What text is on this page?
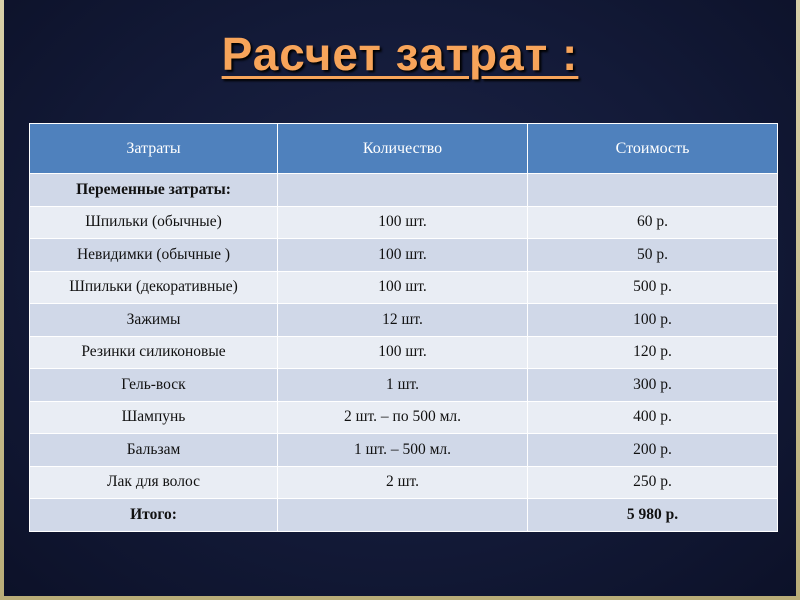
Расчет затрат :
Затраты	Количество	Стоимость
Переменные затраты:		
Шпильки (обычные)	100 шт.	60 р.
Невидимки (обычные )	100 шт.	50 р.
Шпильки (декоративные)	100 шт.	500 р.
Зажимы	12 шт.	100 р.
Резинки силиконовые	100 шт.	120 р.
Гель-воск	1 шт.	300 р.
Шампунь	2 шт. – по 500 мл.	400 р.
Бальзам	1 шт. – 500 мл.	200 р.
Лак для волос	2 шт.	250 р.
Итого:		5 980 р.
